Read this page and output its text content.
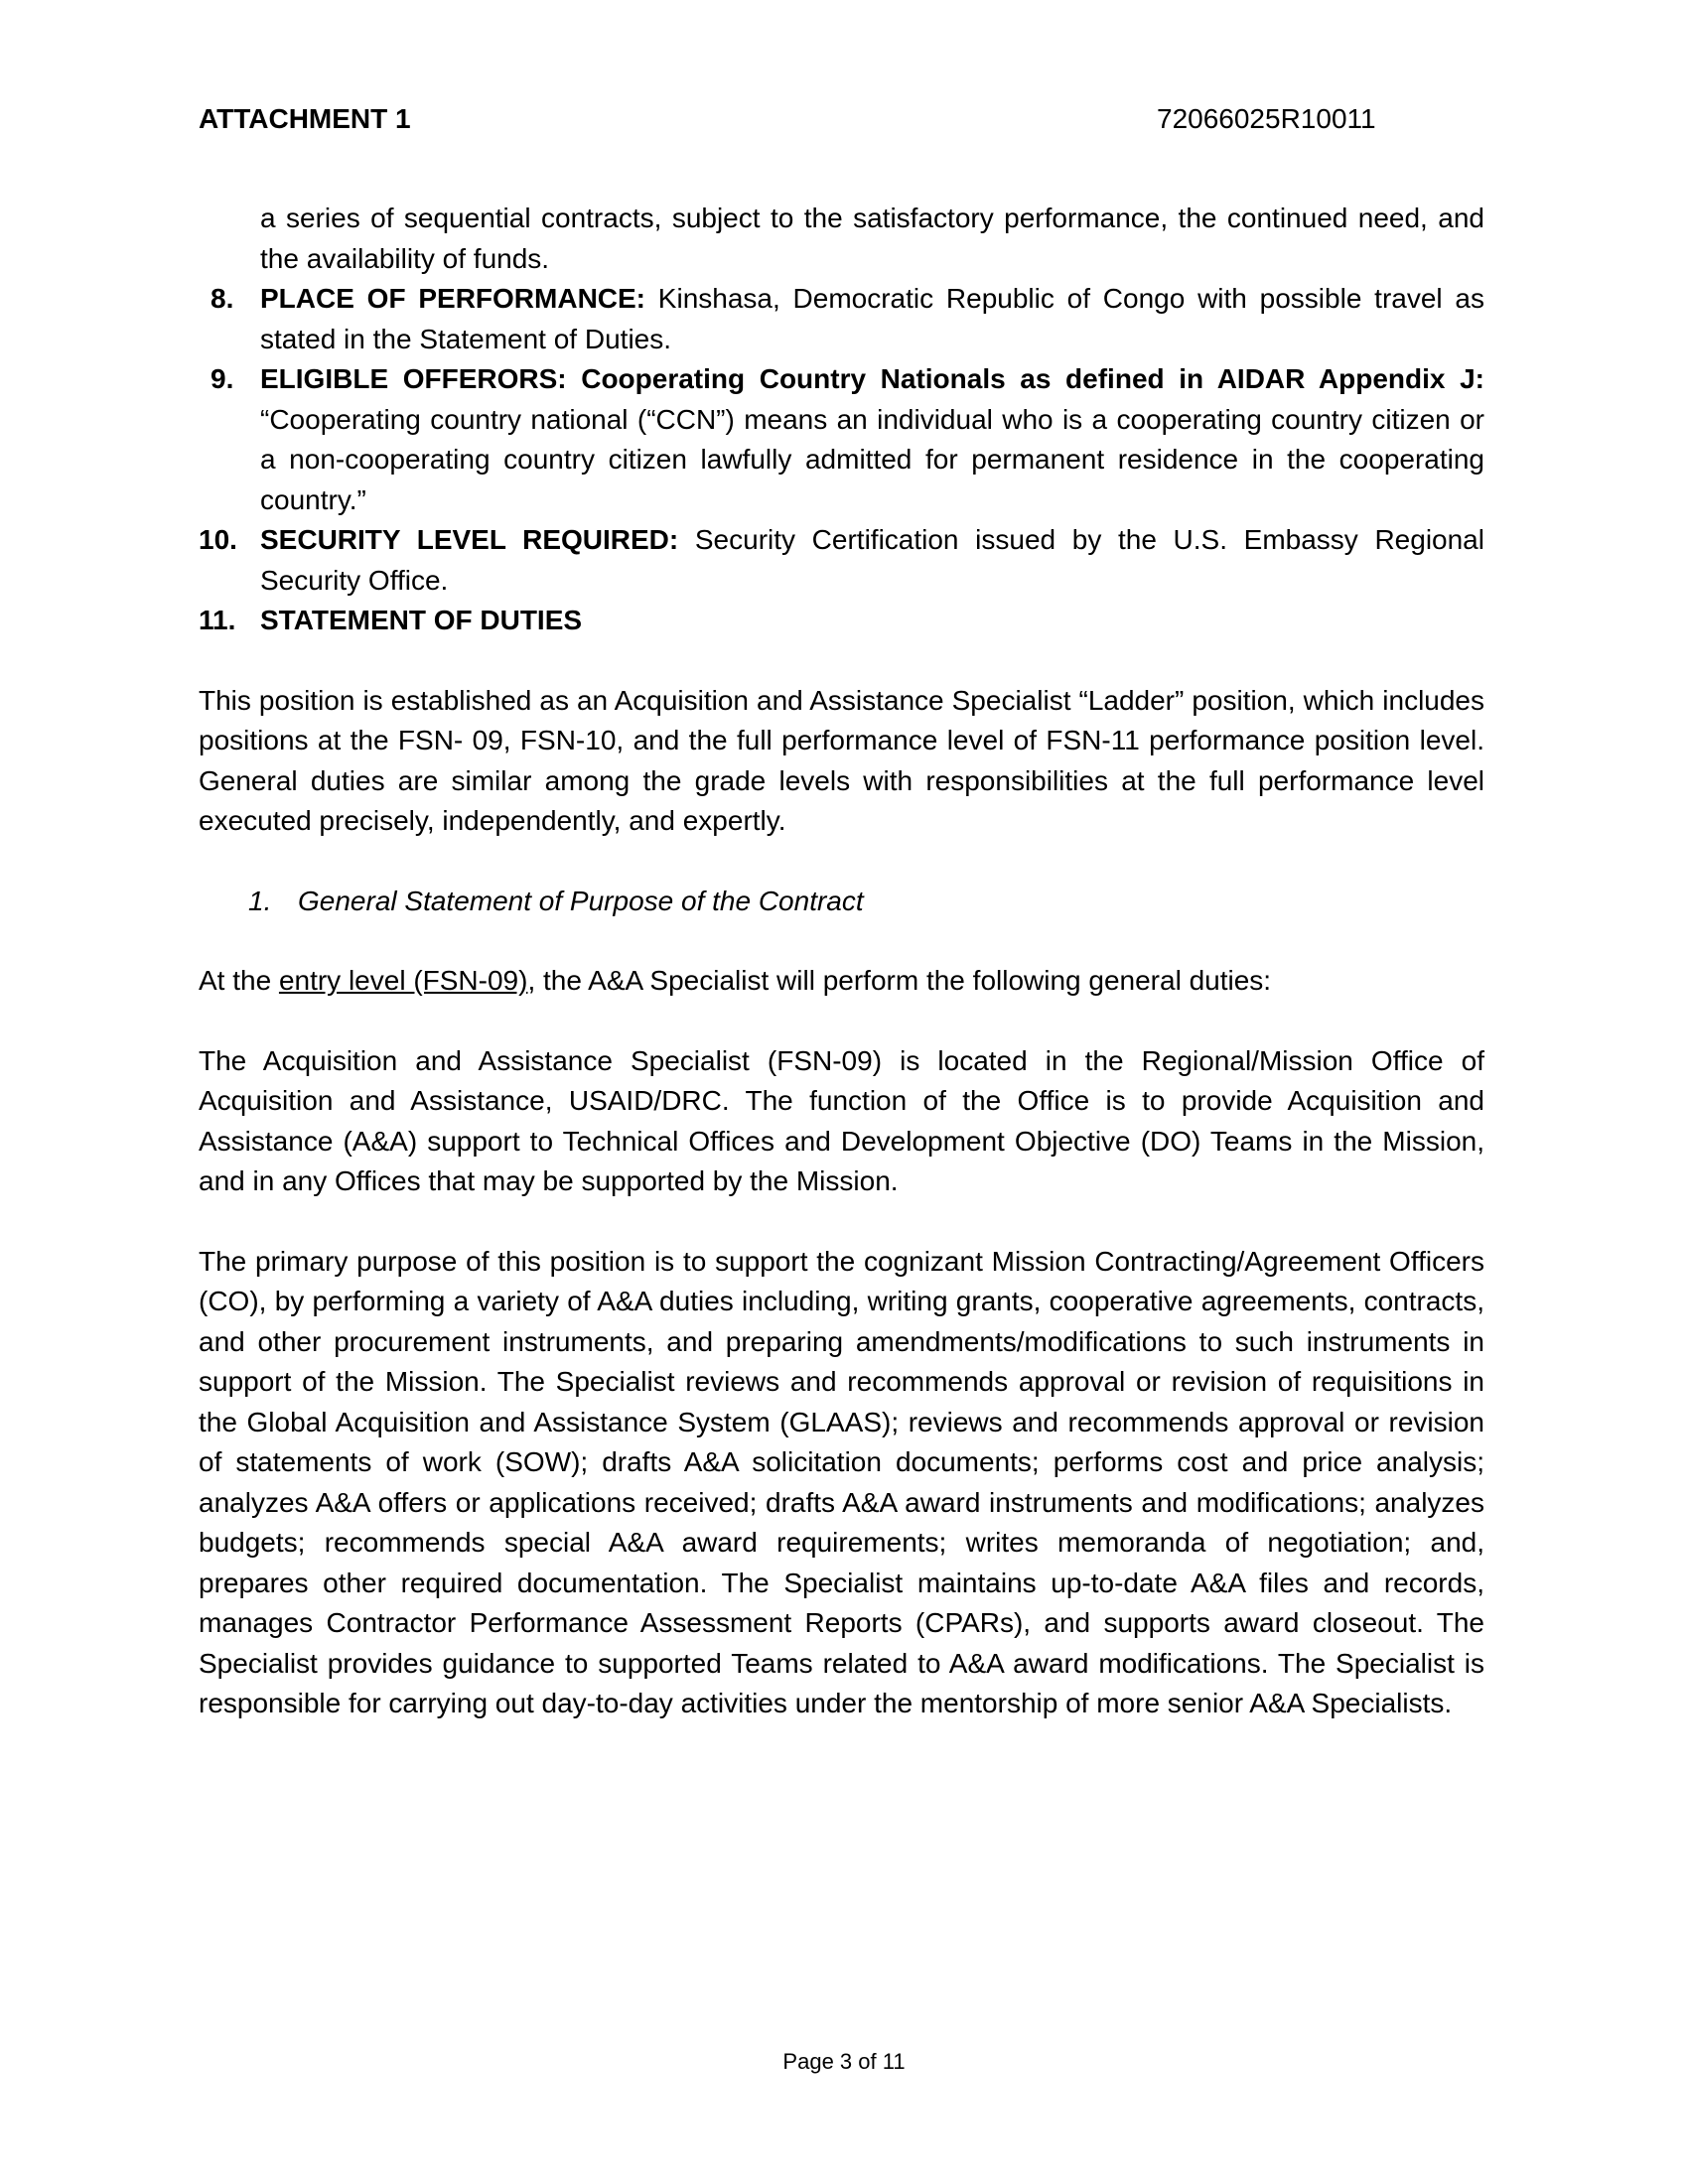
ATTACHMENT 1	72066025R10011

a series of sequential contracts, subject to the satisfactory performance, the continued need, and the availability of funds.

8. PLACE OF PERFORMANCE: Kinshasa, Democratic Republic of Congo with possible travel as stated in the Statement of Duties.

9. ELIGIBLE OFFERORS: Cooperating Country Nationals as defined in AIDAR Appendix J: “Cooperating country national (“CCN”) means an individual who is a cooperating country citizen or a non-cooperating country citizen lawfully admitted for permanent residence in the cooperating country.”

10. SECURITY LEVEL REQUIRED: Security Certification issued by the U.S. Embassy Regional Security Office.

11. STATEMENT OF DUTIES

This position is established as an Acquisition and Assistance Specialist “Ladder” position, which includes positions at the FSN- 09, FSN-10, and the full performance level of FSN-11 performance position level. General duties are similar among the grade levels with responsibilities at the full performance level executed precisely, independently, and expertly.

1. General Statement of Purpose of the Contract

At the entry level (FSN-09), the A&A Specialist will perform the following general duties:

The Acquisition and Assistance Specialist (FSN-09) is located in the Regional/Mission Office of Acquisition and Assistance, USAID/DRC. The function of the Office is to provide Acquisition and Assistance (A&A) support to Technical Offices and Development Objective (DO) Teams in the Mission, and in any Offices that may be supported by the Mission.

The primary purpose of this position is to support the cognizant Mission Contracting/Agreement Officers (CO), by performing a variety of A&A duties including, writing grants, cooperative agreements, contracts, and other procurement instruments, and preparing amendments/modifications to such instruments in support of the Mission. The Specialist reviews and recommends approval or revision of requisitions in the Global Acquisition and Assistance System (GLAAS); reviews and recommends approval or revision of statements of work (SOW); drafts A&A solicitation documents; performs cost and price analysis; analyzes A&A offers or applications received; drafts A&A award instruments and modifications; analyzes budgets; recommends special A&A award requirements; writes memoranda of negotiation; and, prepares other required documentation. The Specialist maintains up-to-date A&A files and records, manages Contractor Performance Assessment Reports (CPARs), and supports award closeout. The Specialist provides guidance to supported Teams related to A&A award modifications. The Specialist is responsible for carrying out day-to-day activities under the mentorship of more senior A&A Specialists.

Page 3 of 11
